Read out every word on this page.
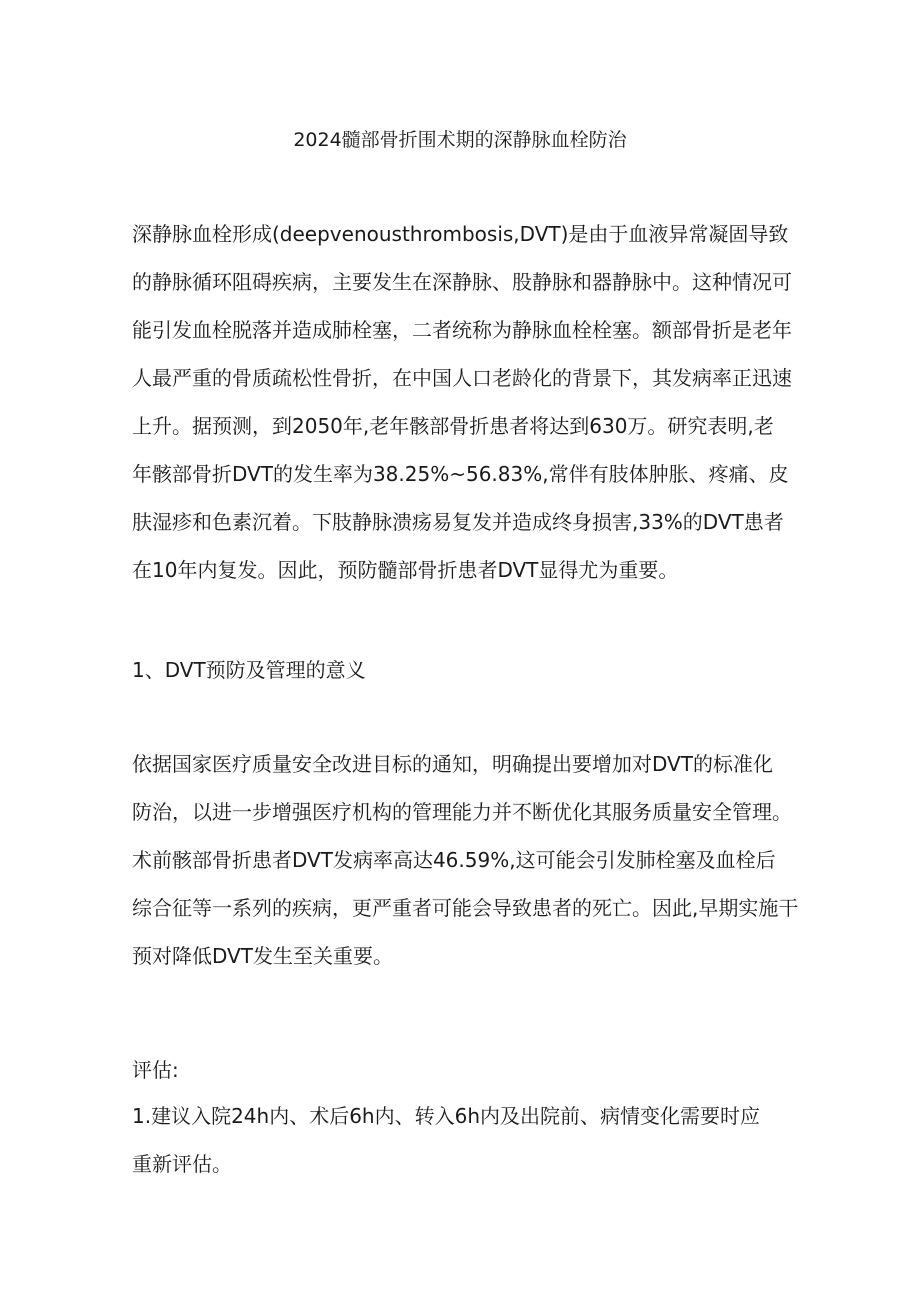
2024髓部骨折围术期的深静脉血栓防治
深静脉血栓形成(deepvenousthrombosis,DVT)是由于血液异常凝固导致
的静脉循环阻碍疾病，主要发生在深静脉、股静脉和器静脉中。这种情况可
能引发血栓脱落并造成肺栓塞，二者统称为静脉血栓栓塞。额部骨折是老年
人最严重的骨质疏松性骨折，在中国人口老龄化的背景下，其发病率正迅速
上升。据预测，到2050年,老年骸部骨折患者将达到630万。研究表明,老
年骸部骨折DVT的发生率为38.25%~56.83%,常伴有肢体肿胀、疼痛、皮
肤湿疹和色素沉着。下肢静脉溃疡易复发并造成终身损害,33%的DVT患者
在10年内复发。因此，预防髓部骨折患者DVT显得尤为重要。
1、DVT预防及管理的意义
依据国家医疗质量安全改进目标的通知，明确提出要增加对DVT的标准化
防治，以进一步增强医疗机构的管理能力并不断优化其服务质量安全管理。
术前骸部骨折患者DVT发病率高达46.59%,这可能会引发肺栓塞及血栓后
综合征等一系列的疾病，更严重者可能会导致患者的死亡。因此,早期实施干
预对降低DVT发生至关重要。
评估:
1.建议入院24h内、术后6h内、转入6h内及出院前、病情变化需要时应
重新评估。
